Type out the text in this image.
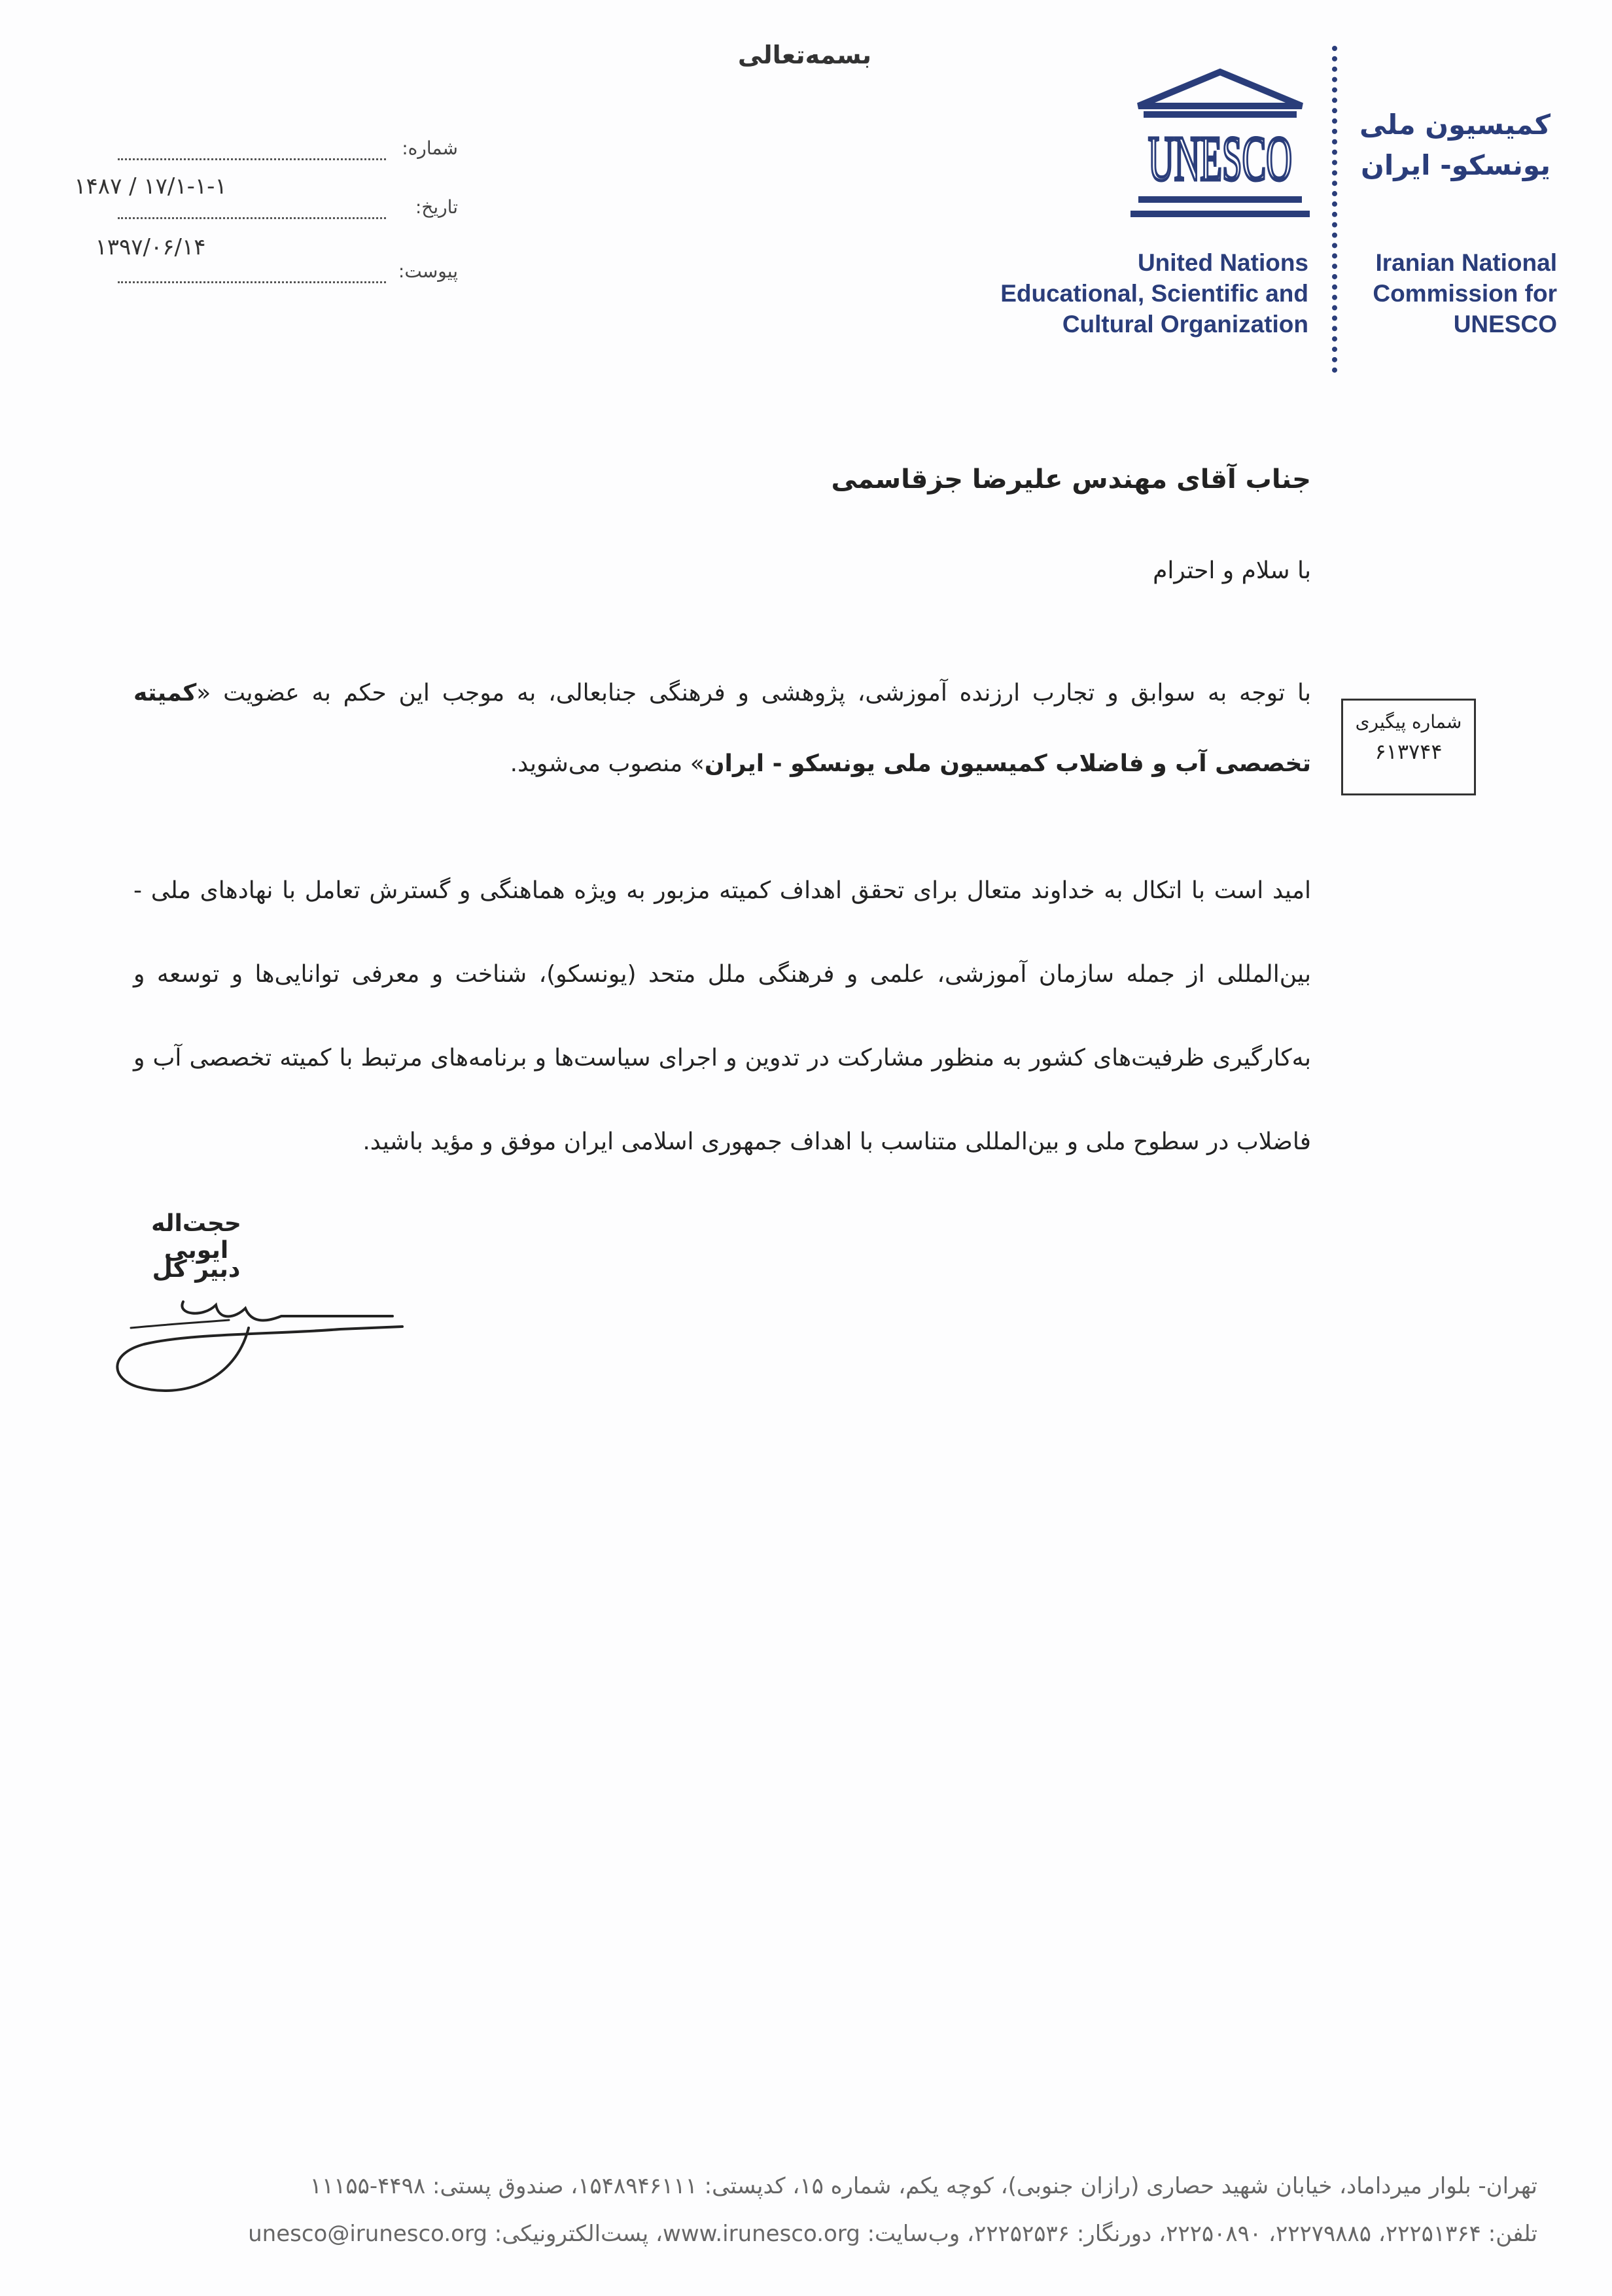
بسمه‌تعالی
شماره:
۱۷/۱-۱-۱ / ۱۴۸۷
تاریخ:
۱۳۹۷/۰۶/۱۴
پیوست:
UNESCO
United Nations
Educational, Scientific and
Cultural Organization
کمیسیون ملی
یونسکو- ایران
Iranian National
Commission for
UNESCO
جناب آقای مهندس علیرضا جزقاسمی
با سلام و احترام
با توجه به سوابق و تجارب ارزنده آموزشی، پژوهشی و فرهنگی جنابعالی، به موجب این حکم به عضویت «کمیته تخصصی آب و فاضلاب کمیسیون ملی یونسکو - ایران» منصوب می‌شوید.
شماره پیگیری
۶۱۳۷۴۴
امید است با اتکال به خداوند متعال برای تحقق اهداف کمیته مزبور به ویژه هماهنگی و گسترش تعامل با نهادهای ملی - بین‌المللی از جمله سازمان آموزشی، علمی و فرهنگی ملل متحد (یونسکو)، شناخت و معرفی توانایی‌ها و توسعه و به‌کارگیری ظرفیت‌های کشور به منظور مشارکت در تدوین و اجرای سیاست‌ها و برنامه‌های مرتبط با کمیته تخصصی آب و فاضلاب در سطوح ملی و بین‌المللی متناسب با اهداف جمهوری اسلامی ایران موفق و مؤید باشید.
حجت‌اله ایوبی
دبیر کل
تهران- بلوار میرداماد، خیابان شهید حصاری (رازان جنوبی)، کوچه یکم، شماره ۱۵، کدپستی: ۱۵۴۸۹۴۶۱۱۱، صندوق پستی: ۴۴۹۸-۱۱۱۵۵
تلفن: ۲۲۲۵۱۳۶۴، ۲۲۲۷۹۸۸۵، ۲۲۲۵۰۸۹۰، دورنگار: ۲۲۲۵۲۵۳۶، وب‌سایت: www.irunesco.org، پست‌الکترونیکی: unesco@irunesco.org
